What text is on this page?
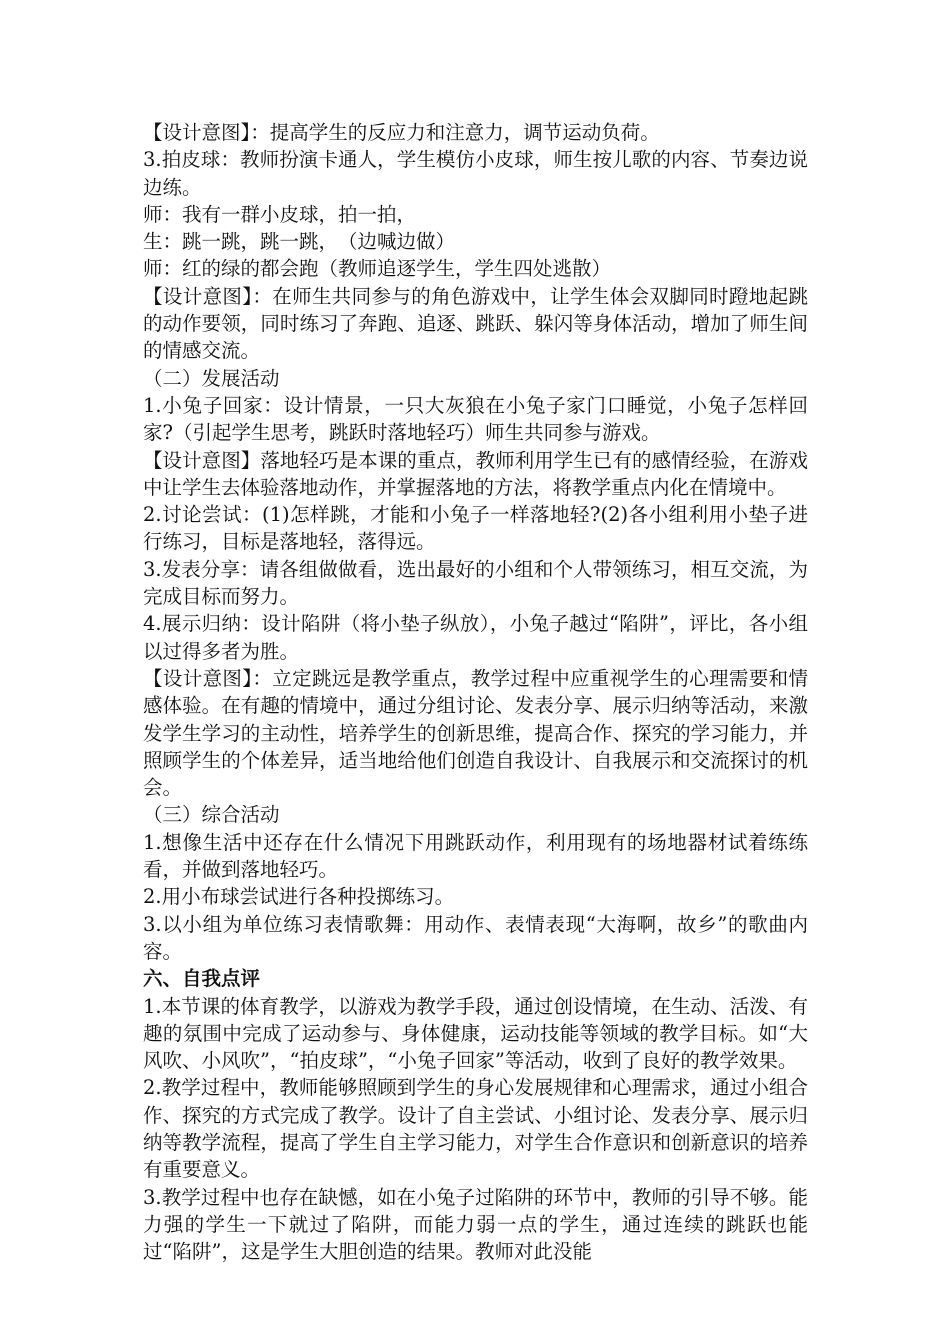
【设计意图】：提高学生的反应力和注意力，调节运动负荷。

3.拍皮球：教师扮演卡通人，学生模仿小皮球，师生按儿歌的内容、节奏边说边练。

师：我有一群小皮球，拍一拍，

生：跳一跳，跳一跳，　（边喊边做）

师：红的绿的都会跑（教师追逐学生，学生四处逃散）

【设计意图】：在师生共同参与的角色游戏中，让学生体会双脚同时蹬地起跳的动作要领，同时练习了奔跑、追逐、跳跃、躲闪等身体活动，增加了师生间的情感交流。

（二）发展活动

1.小兔子回家：设计情景，一只大灰狼在小兔子家门口睡觉，小兔子怎样回家?（引起学生思考，跳跃时落地轻巧）师生共同参与游戏。

【设计意图】落地轻巧是本课的重点，教师利用学生已有的感情经验，在游戏中让学生去体验落地动作，并掌握落地的方法，将教学重点内化在情境中。

2.讨论尝试：(1)怎样跳，才能和小兔子一样落地轻?(2)各小组利用小垫子进行练习，目标是落地轻，落得远。

3.发表分享：请各组做做看，选出最好的小组和个人带领练习，相互交流，为完成目标而努力。

4.展示归纳：设计陷阱（将小垫子纵放），小兔子越过“陷阱”，评比，各小组以过得多者为胜。

【设计意图】：立定跳远是教学重点，教学过程中应重视学生的心理需要和情感体验。在有趣的情境中，通过分组讨论、发表分享、展示归纳等活动，来激发学生学习的主动性，培养学生的创新思维，提高合作、探究的学习能力，并照顾学生的个体差异，适当地给他们创造自我设计、自我展示和交流探讨的机会。

（三）综合活动

1.想像生活中还存在什么情况下用跳跃动作，利用现有的场地器材试着练练看，并做到落地轻巧。

2.用小布球尝试进行各种投掷练习。

3.以小组为单位练习表情歌舞：用动作、表情表现“大海啊，故乡”的歌曲内容。

六、自我点评

1.本节课的体育教学，以游戏为教学手段，通过创设情境，在生动、活泼、有趣的氛围中完成了运动参与、身体健康，运动技能等领域的教学目标。如“大风吹、小风吹”，“拍皮球”，“小兔子回家”等活动，收到了良好的教学效果。

2.教学过程中，教师能够照顾到学生的身心发展规律和心理需求，通过小组合作、探究的方式完成了教学。设计了自主尝试、小组讨论、发表分享、展示归纳等教学流程，提高了学生自主学习能力，对学生合作意识和创新意识的培养有重要意义。

3.教学过程中也存在缺憾，如在小兔子过陷阱的环节中，教师的引导不够。能力强的学生一下就过了陷阱，而能力弱一点的学生，通过连续的跳跃也能过“陷阱”，这是学生大胆创造的结果。教师对此没能
